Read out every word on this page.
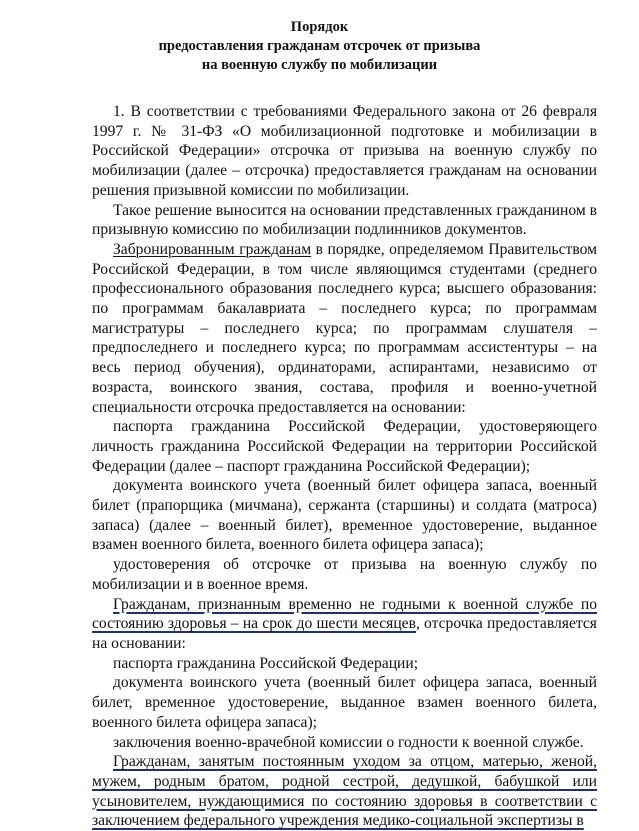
Порядок
предоставления гражданам отсрочек от призыва
на военную службу по мобилизации

1. В соответствии с требованиями Федерального закона от 26 февраля 1997 г. № 31-ФЗ «О мобилизационной подготовке и мобилизации в Российской Федерации» отсрочка от призыва на военную службу по мобилизации (далее – отсрочка) предоставляется гражданам на основании решения призывной комиссии по мобилизации.

Такое решение выносится на основании представленных гражданином в призывную комиссию по мобилизации подлинников документов.

Забронированным гражданам в порядке, определяемом Правительством Российской Федерации, в том числе являющимся студентами (среднего профессионального образования последнего курса; высшего образования: по программам бакалавриата – последнего курса; по программам магистратуры – последнего курса; по программам слушателя – предпоследнего и последнего курса; по программам ассистентуры – на весь период обучения), ординаторами, аспирантами, независимо от возраста, воинского звания, состава, профиля и военно-учетной специальности отсрочка предоставляется на основании:

паспорта гражданина Российской Федерации, удостоверяющего личность гражданина Российской Федерации на территории Российской Федерации (далее – паспорт гражданина Российской Федерации);

документа воинского учета (военный билет офицера запаса, военный билет (прапорщика (мичмана), сержанта (старшины) и солдата (матроса) запаса) (далее – военный билет), временное удостоверение, выданное взамен военного билета, военного билета офицера запаса);

удостоверения об отсрочке от призыва на военную службу по мобилизации и в военное время.

Гражданам, признанным временно не годными к военной службе по состоянию здоровья – на срок до шести месяцев, отсрочка предоставляется на основании:

паспорта гражданина Российской Федерации;

документа воинского учета (военный билет офицера запаса, военный билет, временное удостоверение, выданное взамен военного билета, военного билета офицера запаса);

заключения военно-врачебной комиссии о годности к военной службе.

Гражданам, занятым постоянным уходом за отцом, матерью, женой, мужем, родным братом, родной сестрой, дедушкой, бабушкой или усыновителем, нуждающимися по состоянию здоровья в соответствии с заключением федерального учреждения медико-социальной экспертизы в
